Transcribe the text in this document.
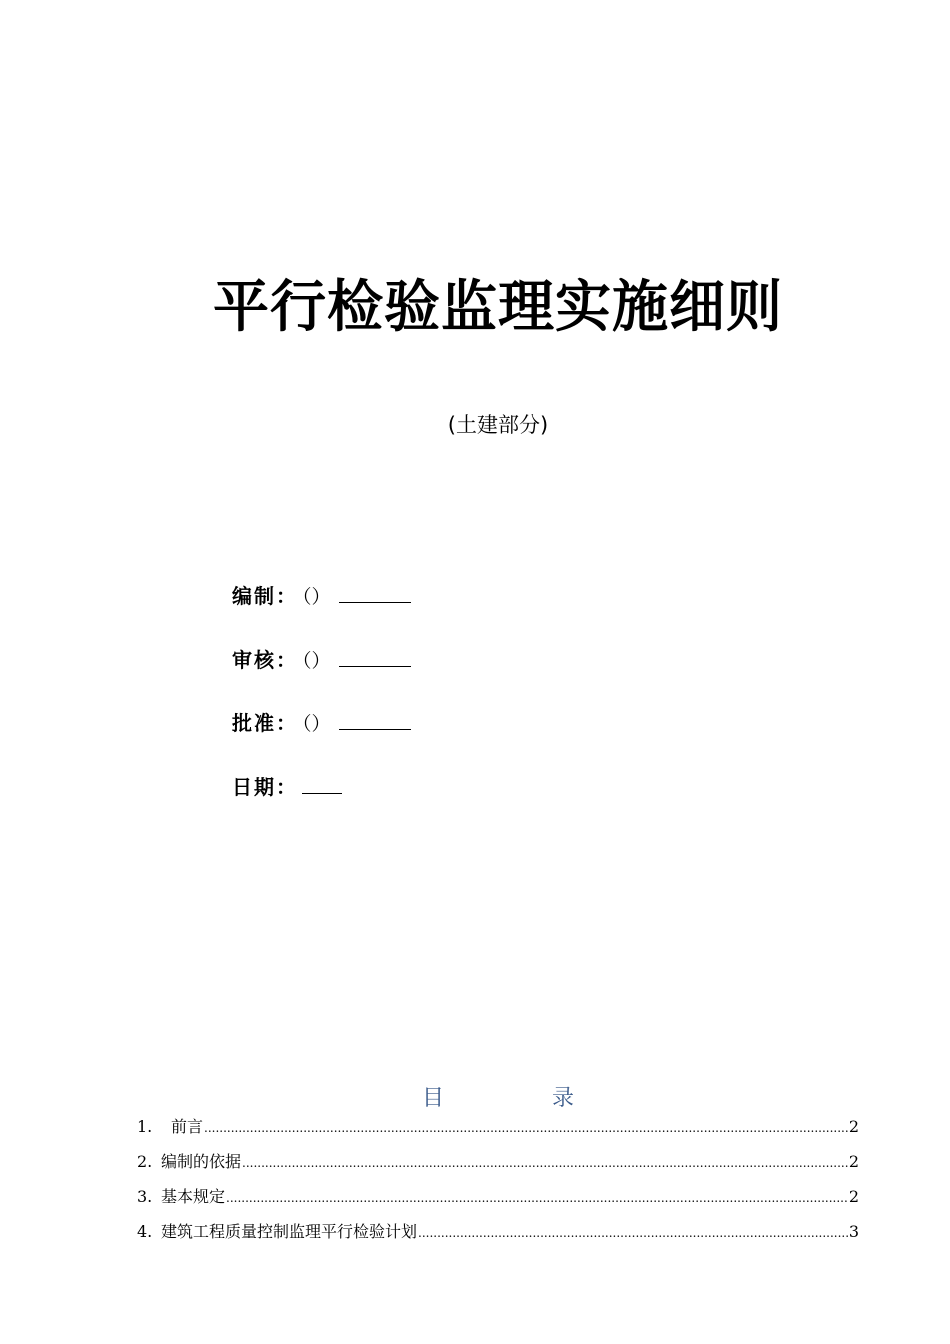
平行检验监理实施细则
(土建部分)
编制： （）
审核： （）
批准： （）
日期：
目	录
1.	前言 .....	2
2. 编制的依据 .....	2
3. 基本规定 .....	2
4. 建筑工程质量控制监理平行检验计划 .....	3
